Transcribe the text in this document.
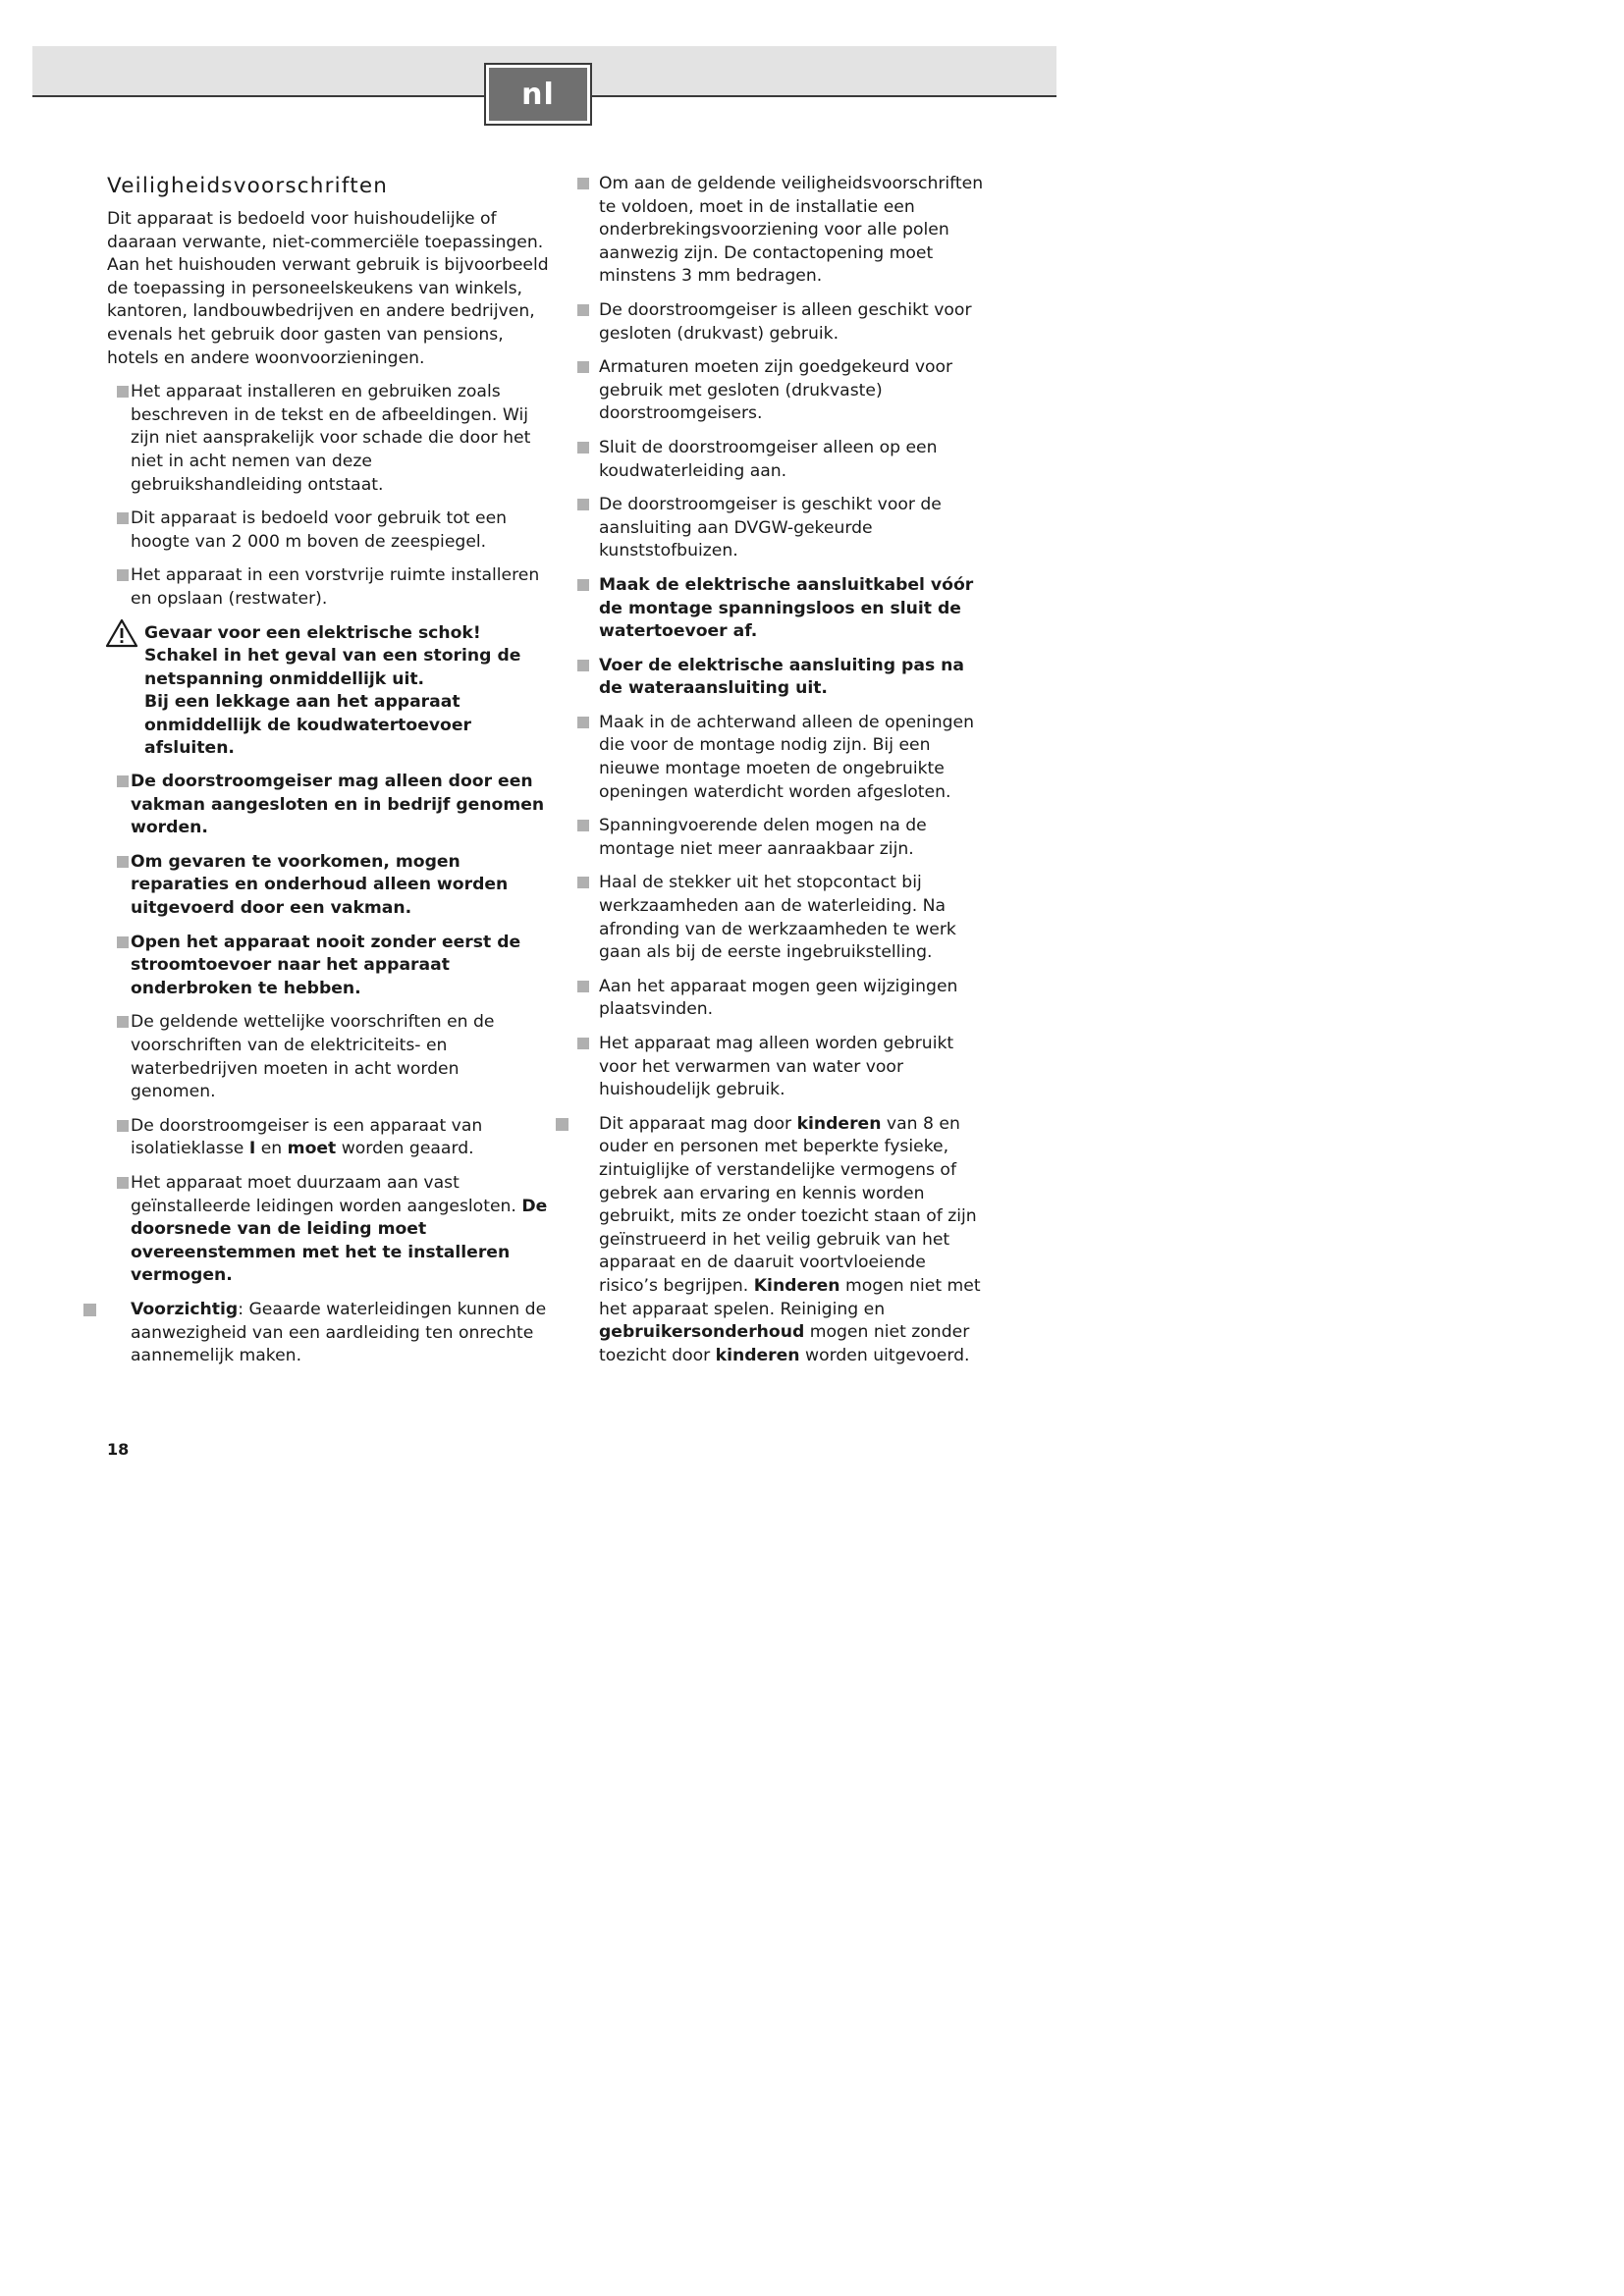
nl
Veiligheidsvoorschriften

Dit apparaat is bedoeld voor huishoudelijke of daaraan verwante, niet-commerciële toepassingen. Aan het huishouden verwant gebruik is bijvoorbeeld de toepassing in personeelskeukens van winkels, kantoren, landbouwbedrijven en andere bedrijven, evenals het gebruik door gasten van pensions, hotels en andere woonvoorzieningen.

Het apparaat installeren en gebruiken zoals beschreven in de tekst en de afbeeldingen. Wij zijn niet aansprakelijk voor schade die door het niet in acht nemen van deze gebruikshandleiding ontstaat.
Dit apparaat is bedoeld voor gebruik tot een hoogte van 2 000 m boven de zeespiegel.
Het apparaat in een vorstvrije ruimte installeren en opslaan (restwater).
Gevaar voor een elektrische schok!
Schakel in het geval van een storing de netspanning onmiddellijk uit.
Bij een lekkage aan het apparaat onmiddellijk de koudwatertoevoer afsluiten.
De doorstroomgeiser mag alleen door een vakman aangesloten en in bedrijf genomen worden.
Om gevaren te voorkomen, mogen reparaties en onderhoud alleen worden uitgevoerd door een vakman.
Open het apparaat nooit zonder eerst de stroomtoevoer naar het apparaat onderbroken te hebben.
De geldende wettelijke voorschriften en de voorschriften van de elektriciteits- en waterbedrijven moeten in acht worden genomen.
De doorstroomgeiser is een apparaat van isolatieklasse I en moet worden geaard.
Het apparaat moet duurzaam aan vast geïnstalleerde leidingen worden aangesloten. De doorsnede van de leiding moet overeenstemmen met het te installeren vermogen.
Voorzichtig: Geaarde waterleidingen kunnen de aanwezigheid van een aardleiding ten onrechte aannemelijk maken.
Om aan de geldende veiligheidsvoorschriften te voldoen, moet in de installatie een onderbrekingsvoorziening voor alle polen aanwezig zijn. De contactopening moet minstens 3 mm bedragen.
De doorstroomgeiser is alleen geschikt voor gesloten (drukvast) gebruik.
Armaturen moeten zijn goedgekeurd voor gebruik met gesloten (drukvaste) doorstroomgeisers.
Sluit de doorstroomgeiser alleen op een koudwaterleiding aan.
De doorstroomgeiser is geschikt voor de aansluiting aan DVGW-gekeurde kunststofbuizen.
Maak de elektrische aansluitkabel vóór de montage spanningsloos en sluit de watertoevoer af.
Voer de elektrische aansluiting pas na de wateraansluiting uit.
Maak in de achterwand alleen de openingen die voor de montage nodig zijn. Bij een nieuwe montage moeten de ongebruikte openingen waterdicht worden afgesloten.
Spanningvoerende delen mogen na de montage niet meer aanraakbaar zijn.
Haal de stekker uit het stopcontact bij werkzaamheden aan de waterleiding. Na afronding van de werkzaamheden te werk gaan als bij de eerste ingebruikstelling.
Aan het apparaat mogen geen wijzigingen plaatsvinden.
Het apparaat mag alleen worden gebruikt voor het verwarmen van water voor huishoudelijk gebruik.
Dit apparaat mag door kinderen van 8 en ouder en personen met beperkte fysieke, zintuiglijke of verstandelijke vermogens of gebrek aan ervaring en kennis worden gebruikt, mits ze onder toezicht staan of zijn geïnstrueerd in het veilig gebruik van het apparaat en de daaruit voortvloeiende risico’s begrijpen. Kinderen mogen niet met het apparaat spelen. Reiniging en gebruikersonderhoud mogen niet zonder toezicht door kinderen worden uitgevoerd.
18
